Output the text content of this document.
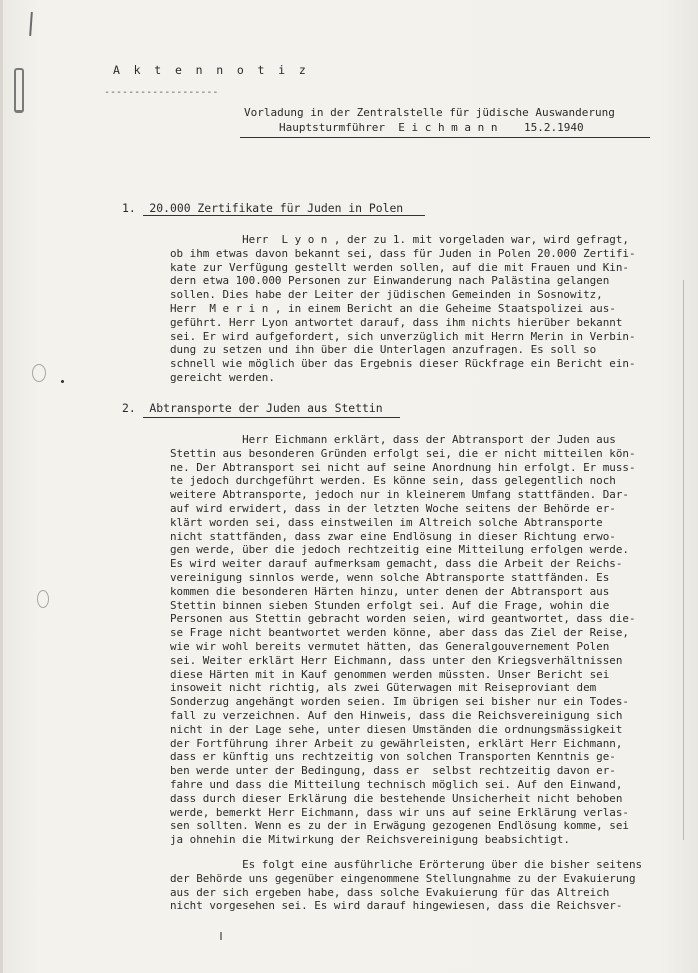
A k t e n n o t i z
-------------------
Vorladung in der Zentralstelle für jüdische Auswanderung
Hauptsturmführer  E i c h m a n n    15.2.1940
1.  20.000 Zertifikate für Juden in Polen
Herr  L y o n , der zu 1. mit vorgeladen war, wird gefragt,
ob ihm etwas davon bekannt sei, dass für Juden in Polen 20.000 Zertifi-
kate zur Verfügung gestellt werden sollen, auf die mit Frauen und Kin-
dern etwa 100.000 Personen zur Einwanderung nach Palästina gelangen
sollen. Dies habe der Leiter der jüdischen Gemeinden in Sosnowitz,
Herr  M e r i n , in einem Bericht an die Geheime Staatspolizei aus-
geführt. Herr Lyon antwortet darauf, dass ihm nichts hierüber bekannt
sei. Er wird aufgefordert, sich unverzüglich mit Herrn Merin in Verbin-
dung zu setzen und ihn über die Unterlagen anzufragen. Es soll so
schnell wie möglich über das Ergebnis dieser Rückfrage ein Bericht ein-
gereicht werden.
2.  Abtransporte der Juden aus Stettin
Herr Eichmann erklärt, dass der Abtransport der Juden aus
Stettin aus besonderen Gründen erfolgt sei, die er nicht mitteilen kön-
ne. Der Abtransport sei nicht auf seine Anordnung hin erfolgt. Er muss-
te jedoch durchgeführt werden. Es könne sein, dass gelegentlich noch
weitere Abtransporte, jedoch nur in kleinerem Umfang stattfänden. Dar-
auf wird erwidert, dass in der letzten Woche seitens der Behörde er-
klärt worden sei, dass einstweilen im Altreich solche Abtransporte
nicht stattfänden, dass zwar eine Endlösung in dieser Richtung erwo-
gen werde, über die jedoch rechtzeitig eine Mitteilung erfolgen werde.
Es wird weiter darauf aufmerksam gemacht, dass die Arbeit der Reichs-
vereinigung sinnlos werde, wenn solche Abtransporte stattfänden. Es
kommen die besonderen Härten hinzu, unter denen der Abtransport aus
Stettin binnen sieben Stunden erfolgt sei. Auf die Frage, wohin die
Personen aus Stettin gebracht worden seien, wird geantwortet, dass die-
se Frage nicht beantwortet werden könne, aber dass das Ziel der Reise,
wie wir wohl bereits vermutet hätten, das Generalgouvernement Polen
sei. Weiter erklärt Herr Eichmann, dass unter den Kriegsverhältnissen
diese Härten mit in Kauf genommen werden müssten. Unser Bericht sei
insoweit nicht richtig, als zwei Güterwagen mit Reiseproviant dem
Sonderzug angehängt worden seien. Im übrigen sei bisher nur ein Todes-
fall zu verzeichnen. Auf den Hinweis, dass die Reichsvereinigung sich
nicht in der Lage sehe, unter diesen Umständen die ordnungsmässigkeit
der Fortführung ihrer Arbeit zu gewährleisten, erklärt Herr Eichmann,
dass er künftig uns rechtzeitig von solchen Transporten Kenntnis ge-
ben werde unter der Bedingung, dass er  selbst rechtzeitig davon er-
fahre und dass die Mitteilung technisch möglich sei. Auf den Einwand,
dass durch dieser Erklärung die bestehende Unsicherheit nicht behoben
werde, bemerkt Herr Eichmann, dass wir uns auf seine Erklärung verlas-
sen sollten. Wenn es zu der in Erwägung gezogenen Endlösung komme, sei
ja ohnehin die Mitwirkung der Reichsvereinigung beabsichtigt.
Es folgt eine ausführliche Erörterung über die bisher seitens
der Behörde uns gegenüber eingenommene Stellungnahme zu der Evakuierung
aus der sich ergeben habe, dass solche Evakuierung für das Altreich
nicht vorgesehen sei. Es wird darauf hingewiesen, dass die Reichsver-
